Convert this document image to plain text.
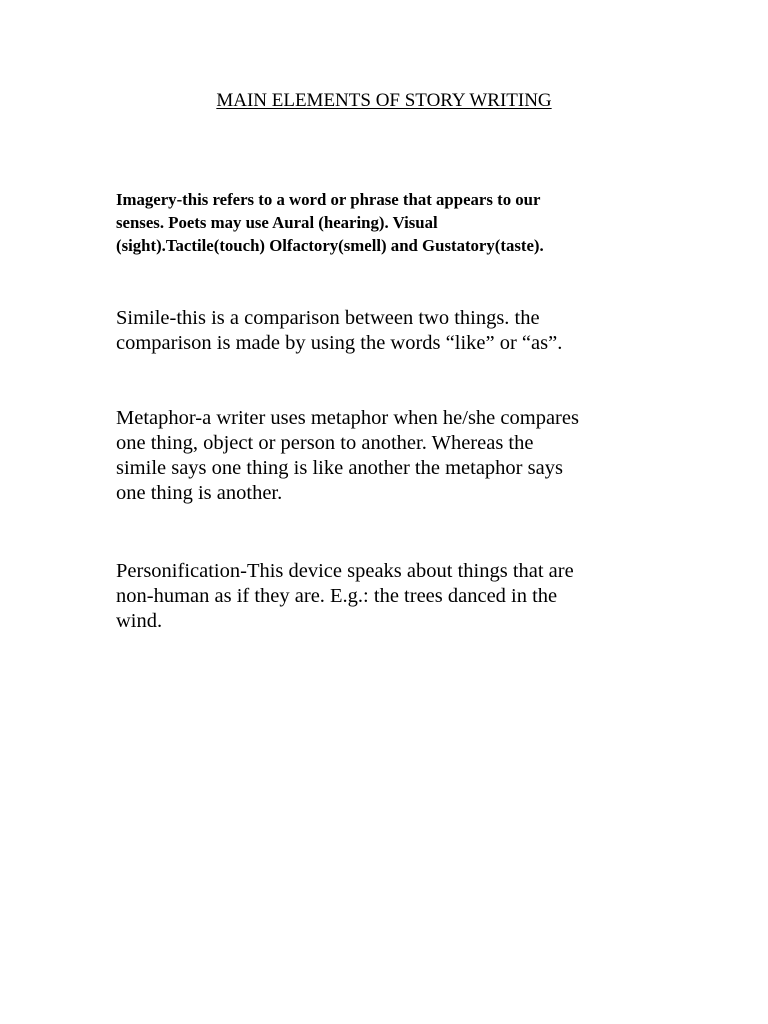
MAIN ELEMENTS OF STORY WRITING
Imagery-this refers to a word or phrase that appears to our
senses. Poets may use Aural (hearing). Visual
(sight).Tactile(touch) Olfactory(smell) and Gustatory(taste).
Simile-this is a comparison between two things. the
comparison is made by using the words “like” or “as”.
Metaphor-a writer uses metaphor when he/she compares
one thing, object or person to another. Whereas the
simile says one thing is like another the metaphor says
one thing is another.
Personification-This device speaks about things that are
non-human as if they are. E.g.: the trees danced in the
wind.
